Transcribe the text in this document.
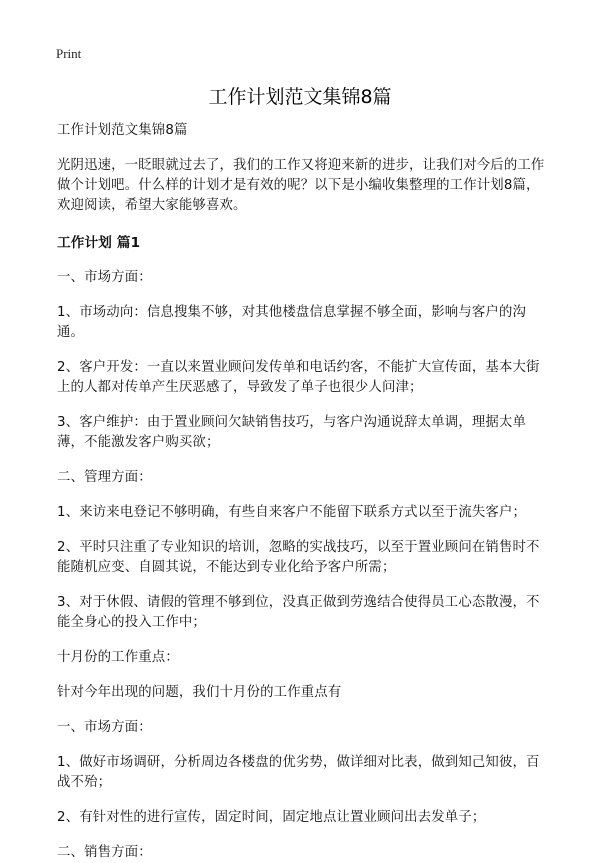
Print
工作计划范文集锦8篇

工作计划范文集锦8篇

光阴迅速，一眨眼就过去了，我们的工作又将迎来新的进步，让我们对今后的工作做个计划吧。什么样的计划才是有效的呢？以下是小编收集整理的工作计划8篇，欢迎阅读，希望大家能够喜欢。

工作计划 篇1

一、市场方面：

1、市场动向：信息搜集不够，对其他楼盘信息掌握不够全面，影响与客户的沟通。

2、客户开发：一直以来置业顾问发传单和电话约客，不能扩大宣传面，基本大街上的人都对传单产生厌恶感了，导致发了单子也很少人问津；

3、客户维护：由于置业顾问欠缺销售技巧，与客户沟通说辞太单调，理据太单薄，不能激发客户购买欲；

二、管理方面：

1、来访来电登记不够明确，有些自来客户不能留下联系方式以至于流失客户；

2、平时只注重了专业知识的培训，忽略的实战技巧，以至于置业顾问在销售时不能随机应变、自圆其说，不能达到专业化给予客户所需；

3、对于休假、请假的管理不够到位，没真正做到劳逸结合使得员工心态散漫，不能全身心的投入工作中；

十月份的工作重点：

针对今年出现的问题，我们十月份的工作重点有

一、市场方面：

1、做好市场调研，分析周边各楼盘的优劣势，做详细对比表，做到知己知彼，百战不殆；

2、有针对性的进行宣传，固定时间，固定地点让置业顾问出去发单子；

二、销售方面：
